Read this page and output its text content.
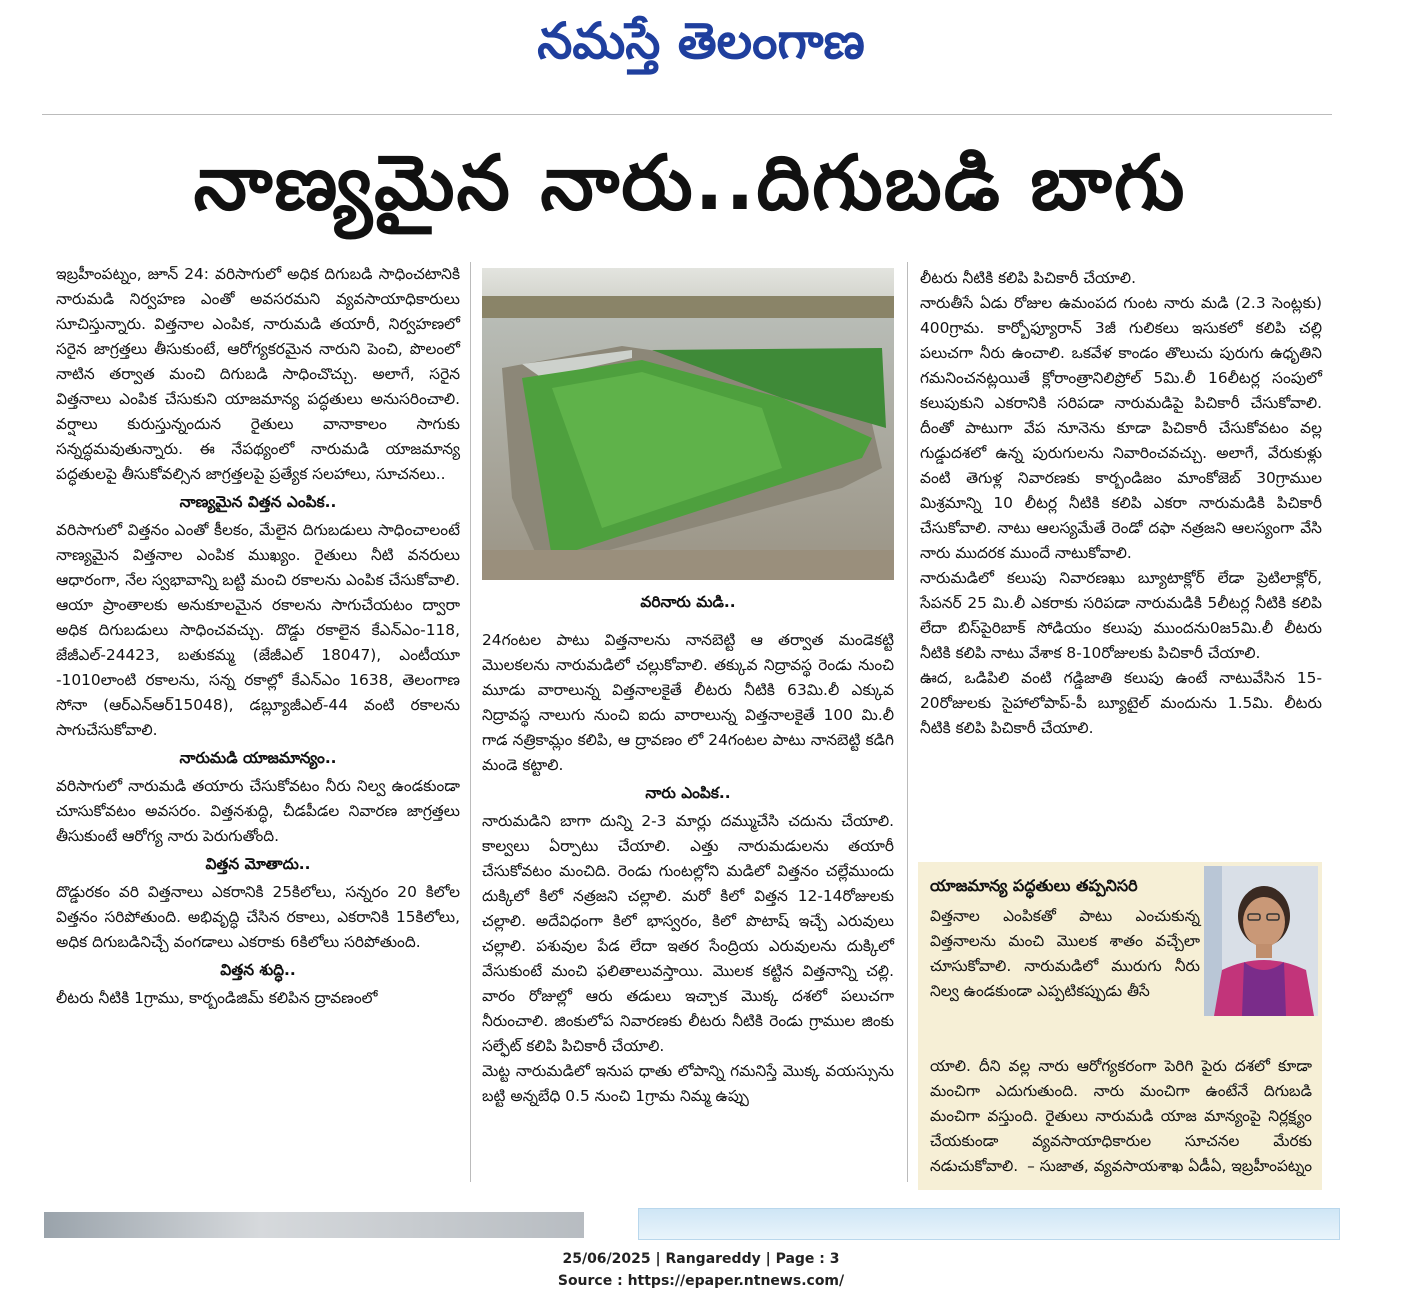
నమస్తే తెలంగాణ
నాణ్యమైన నారు..దిగుబడి బాగు

ఇబ్రహీంపట్నం, జూన్ 24: వరిసాగులో అధిక దిగుబడి సాధించటానికి నారుమడి నిర్వహణ ఎంతో అవసరమని వ్యవసాయాధికారులు సూచిస్తున్నారు. విత్తనాల ఎంపిక, నారుమడి తయారీ, నిర్వహణలో సరైన జాగ్రత్తలు తీసుకుంటే, ఆరోగ్యకరమైన నారుని పెంచి, పొలంలో నాటిన తర్వాత మంచి దిగుబడి సాధించొచ్చు. అలాగే, సరైన విత్తనాలు ఎంపిక చేసుకుని యాజమాన్య పద్ధతులు అనుసరించాలి. వర్షాలు కురుస్తున్నందున రైతులు వానాకాలం సాగుకు సన్నద్ధమవుతున్నారు. ఈ నేపథ్యంలో నారుమడి యాజమాన్య పద్ధతులపై తీసుకోవల్సిన జాగ్రత్తలపై ప్రత్యేక సలహాలు, సూచనలు..

నాణ్యమైన విత్తన ఎంపిక..

వరిసాగులో విత్తనం ఎంతో కీలకం, మేలైన దిగుబడులు సాధించాలంటే నాణ్యమైన విత్తనాల ఎంపిక ముఖ్యం. రైతులు నీటి వనరులు ఆధారంగా, నేల స్వభావాన్ని బట్టి మంచి రకాలను ఎంపిక చేసుకోవాలి. ఆయా ప్రాంతాలకు అనుకూలమైన రకాలను సాగుచేయటం ద్వారా అధిక దిగుబడులు సాధించవచ్చు. దొడ్డు రకాలైన కేఎన్‌ఎం-118, జేజీఎల్-24423, బతుకమ్మ (జేజీఎల్ 18047), ఎంటీయూ -1010లాంటి రకాలను, సన్న రకాల్లో కేఎన్ఎం 1638, తెలంగాణ సోనా (ఆర్ఎన్ఆర్15048), డబ్ల్యూజీఎల్-44 వంటి రకాలను సాగుచేసుకోవాలి.

నారుమడి యాజమాన్యం..

వరిసాగులో నారుమడి తయారు చేసుకోవటం నీరు నిల్వ ఉండకుండా చూసుకోవటం అవసరం. విత్తనశుద్ధి, చీడపీడల నివారణ జాగ్రత్తలు తీసుకుంటే ఆరోగ్య నారు పెరుగుతోంది.

విత్తన మోతాదు..

దొడ్డురకం వరి విత్తనాలు ఎకరానికి 25కిలోలు, సన్నరం 20 కిలోల విత్తనం సరిపోతుంది. అభివృద్ధి చేసిన రకాలు, ఎకరానికి 15కిలోలు, అధిక దిగుబడినిచ్చే వంగడాలు ఎకరాకు 6కిలోలు సరిపోతుంది.

విత్తన శుద్ధి..

లీటరు నీటికి 1గ్రాము, కార్బండిజిమ్ కలిపిన ద్రావణంలో

వరినారు మడి..

24గంటల పాటు విత్తనాలను నానబెట్టి ఆ తర్వాత మండెకట్టి మొలకలను నారుమడిలో చల్లుకోవాలి. తక్కువ నిద్రావస్థ రెండు నుంచి మూడు వారాలున్న విత్తనాలకైతే లీటరు నీటికి 63మి.లీ ఎక్కువ నిద్రావస్థ నాలుగు నుంచి ఐదు వారాలున్న విత్తనాలకైతే 100 మి.లీ గాడ నత్రికామ్లం కలిపి, ఆ ద్రావణం లో 24గంటల పాటు నానబెట్టి కడిగి మండె కట్టాలి.

నారు ఎంపిక..

నారుమడిని బాగా దున్ని 2-3 మార్లు దమ్ముచేసి చదును చేయాలి. కాల్వలు ఏర్పాటు చేయాలి. ఎత్తు నారుమడులను తయారీ చేసుకోవటం మంచిది. రెండు గుంటల్లోని మడిలో విత్తనం చల్లేముందు దుక్కిలో కిలో నత్రజని చల్లాలి. మరో కిలో విత్తన 12-14రోజులకు చల్లాలి. అదేవిధంగా కిలో భాస్వరం, కిలో పొటాష్ ఇచ్చే ఎరువులు చల్లాలి. పశువుల పేడ లేదా ఇతర సేంద్రియ ఎరువులను దుక్కిలో వేసుకుంటే మంచి ఫలితాలువస్తాయి. మొలక కట్టిన విత్తనాన్ని చల్లి. వారం రోజుల్లో ఆరు తడులు ఇచ్చాక మొక్క దశలో పలుచగా నీరుంచాలి. జింకులోప నివారణకు లీటరు నీటికి రెండు గ్రాముల జింకు సల్ఫేట్ కలిపి పిచికారీ చేయాలి.

మెట్ట నారుమడిలో ఇనుప ధాతు లోపాన్ని గమనిస్తే మొక్క వయస్సును బట్టి అన్నబేధి 0.5 నుంచి 1గ్రామ నిమ్మ ఉప్పు

లీటరు నీటికి కలిపి పిచికారీ చేయాలి.

నారుతీసే ఏడు రోజుల ఉమంపద గుంట నారు మడి (2.3 సెంట్లకు) 400గ్రామ. కార్బోఫ్యూరాన్ 3జీ గులికలు ఇసుకలో కలిపి చల్లి పలుచగా నీరు ఉంచాలి. ఒకవేళ కాండం తొలుచు పురుగు ఉధృతిని గమనించనట్లయితే క్లోరాంత్రానిలిప్రోల్ 5మి.లీ 16లీటర్ల సంపులో కలుపుకుని ఎకరానికి సరిపడా నారుమడిపై పిచికారీ చేసుకోవాలి. దీంతో పాటుగా వేప నూనెను కూడా పిచికారీ చేసుకోవటం వల్ల గుడ్డుదశలో ఉన్న పురుగులను నివారించవచ్చు. అలాగే, వేరుకుళ్లు వంటి తెగుళ్ల నివారణకు కార్బండిజం మాంకోజెబ్ 30గ్రాముల మిశ్రమాన్ని 10 లీటర్ల నీటికి కలిపి ఎకరా నారుమడికి పిచికారీ చేసుకోవాలి. నాటు ఆలస్యమేతే రెండో దఫా నత్రజని ఆలస్యంగా వేసి నారు ముదరక ముందే నాటుకోవాలి.

నారుమడిలో కలుపు నివారణఖు బ్యూటాక్లోర్ లేడా ప్రెటిలాక్లోర్, సేపనర్ 25 మి.లీ ఎకరాకు సరిపడా నారుమడికి 5లీటర్ల నీటికి కలిపి లేదా బిస్‌పైరిబాక్ సోడియం కలుపు ముందను0జ5మి.లీ లీటరు నీటికి కలిపి నాటు వేశాక 8-10రోజులకు పిచికారీ చేయాలి.

ఊద, ఒడిపిలి వంటి గడ్డిజాతి కలుపు ఉంటే నాటువేసిన 15-20రోజులకు సైహాలోపాప్-పీ బ్యూటైల్ మందును 1.5మి. లీటరు నీటికి కలిపి పిచికారీ చేయాలి.

యాజమాన్య పద్ధతులు తప్పనిసరి
విత్తనాల ఎంపికతో పాటు ఎంచుకున్న విత్తనాలను మంచి మొలక శాతం వచ్చేలా చూసుకోవాలి. నారుమడిలో మురుగు నీరు నిల్వ ఉండకుండా ఎప్పటికప్పుడు తీసే
యాలి. దీని వల్ల నారు ఆరోగ్యకరంగా పెరిగి పైరు దశలో కూడా మంచిగా ఎదుగుతుంది. నారు మంచిగా ఉంటేనే దిగుబడి మంచిగా వస్తుంది. రైతులు నారుమడి యాజ మాన్యంపై నిర్లక్ష్యం చేయకుండా వ్యవసాయాధికారుల సూచనల మేరకు నడుచుకోవాలి. – సుజాత, వ్యవసాయశాఖ ఏడీఏ, ఇబ్రహీంపట్నం
25/06/2025 | Rangareddy | Page : 3
Source : https://epaper.ntnews.com/
